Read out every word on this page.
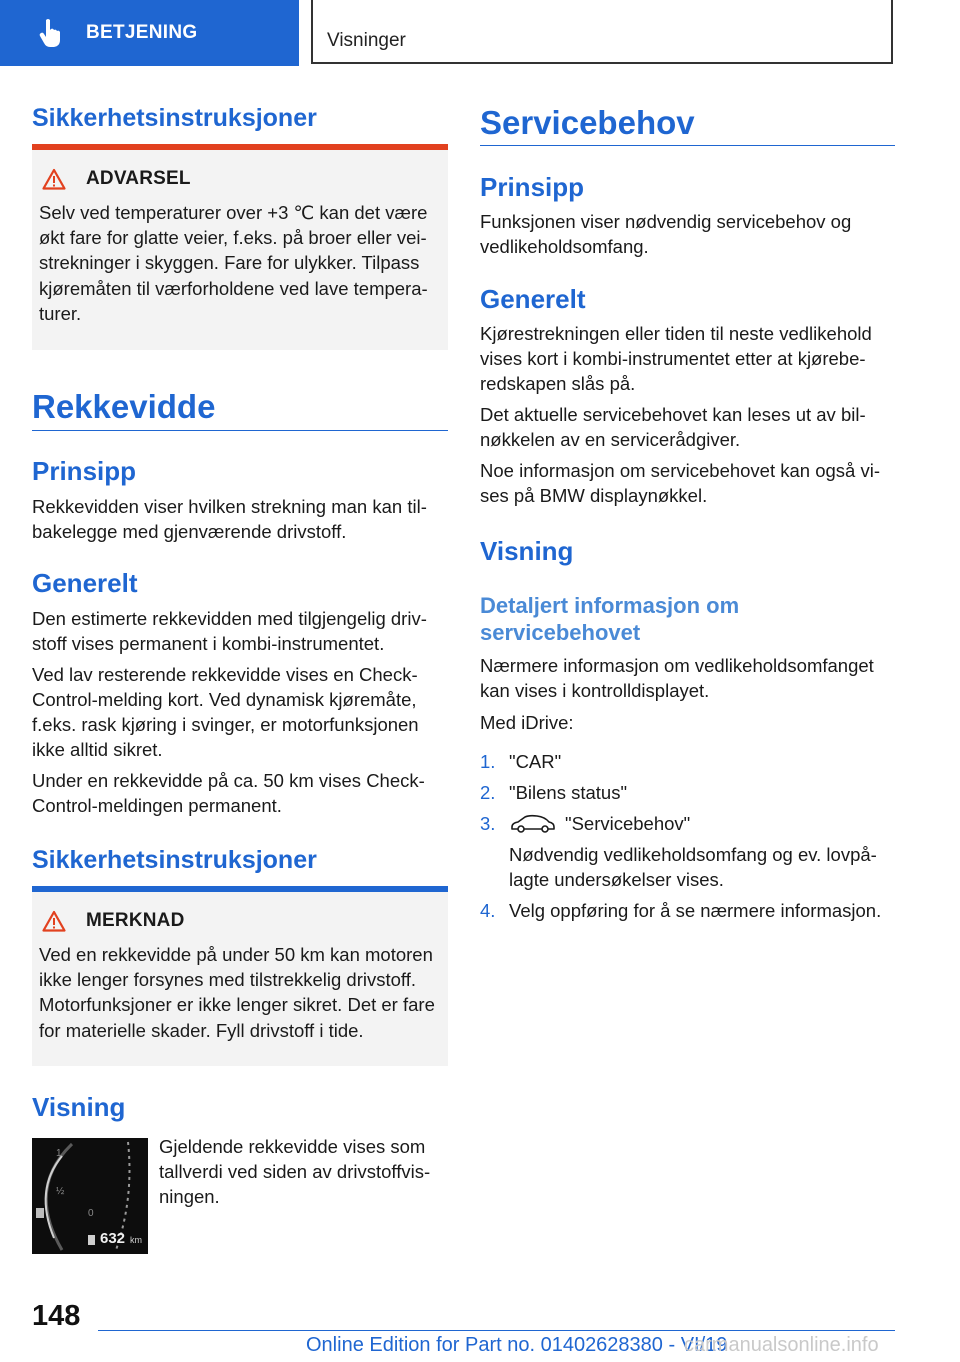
BETJENING	Visninger
Sikkerhetsinstruksjoner
ADVARSEL

Selv ved temperaturer over +3 ℃ kan det være økt fare for glatte veier, f.eks. på broer eller veistrekninger i skyggen. Fare for ulykker. Tilpass kjøremåten til værforholdene ved lave temperaturer.

Rekkevidde
Prinsipp

Rekkevidden viser hvilken strekning man kan tilbakelegge med gjenværende drivstoff.

Generelt

Den estimerte rekkevidden med tilgjengelig drivstoff vises permanent i kombi-instrumentet.

Ved lav resterende rekkevidde vises en Check-Control-melding kort. Ved dynamisk kjøremåte, f.eks. rask kjøring i svinger, er motorfunksjonen ikke alltid sikret.

Under en rekkevidde på ca. 50 km vises Check-Control-meldingen permanent.

Sikkerhetsinstruksjoner
MERKNAD

Ved en rekkevidde på under 50 km kan motoren ikke lenger forsynes med tilstrekkelig drivstoff. Motorfunksjoner er ikke lenger sikret. Det er fare for materielle skader. Fyll drivstoff i tide.

Visning
1
½
0
632 km

Gjeldende rekkevidde vises som tallverdi ved siden av drivstoffvisningen.

Servicebehov
Prinsipp

Funksjonen viser nødvendig servicebehov og vedlikeholdsomfang.

Generelt

Kjørestrekningen eller tiden til neste vedlikehold vises kort i kombi-instrumentet etter at kjøreberedskapen slås på.

Det aktuelle servicebehovet kan leses ut av bilnøkkelen av en servicerådgiver.

Noe informasjon om servicebehovet kan også vises på BMW displaynøkkel.

Visning
Detaljert informasjon om servicebehovet

Nærmere informasjon om vedlikeholdsomfanget kan vises i kontrolldisplayet.

Med iDrive:

1. "CAR"
2. "Bilens status"
3.	"Servicebehov"
Nødvendig vedlikeholdsomfang og ev. lovpålagte undersøkelser vises.
4. Velg oppføring for å se nærmere informasjon.
148
Online Edition for Part no. 01402628380 - VI/19
carmanualsonline.info
